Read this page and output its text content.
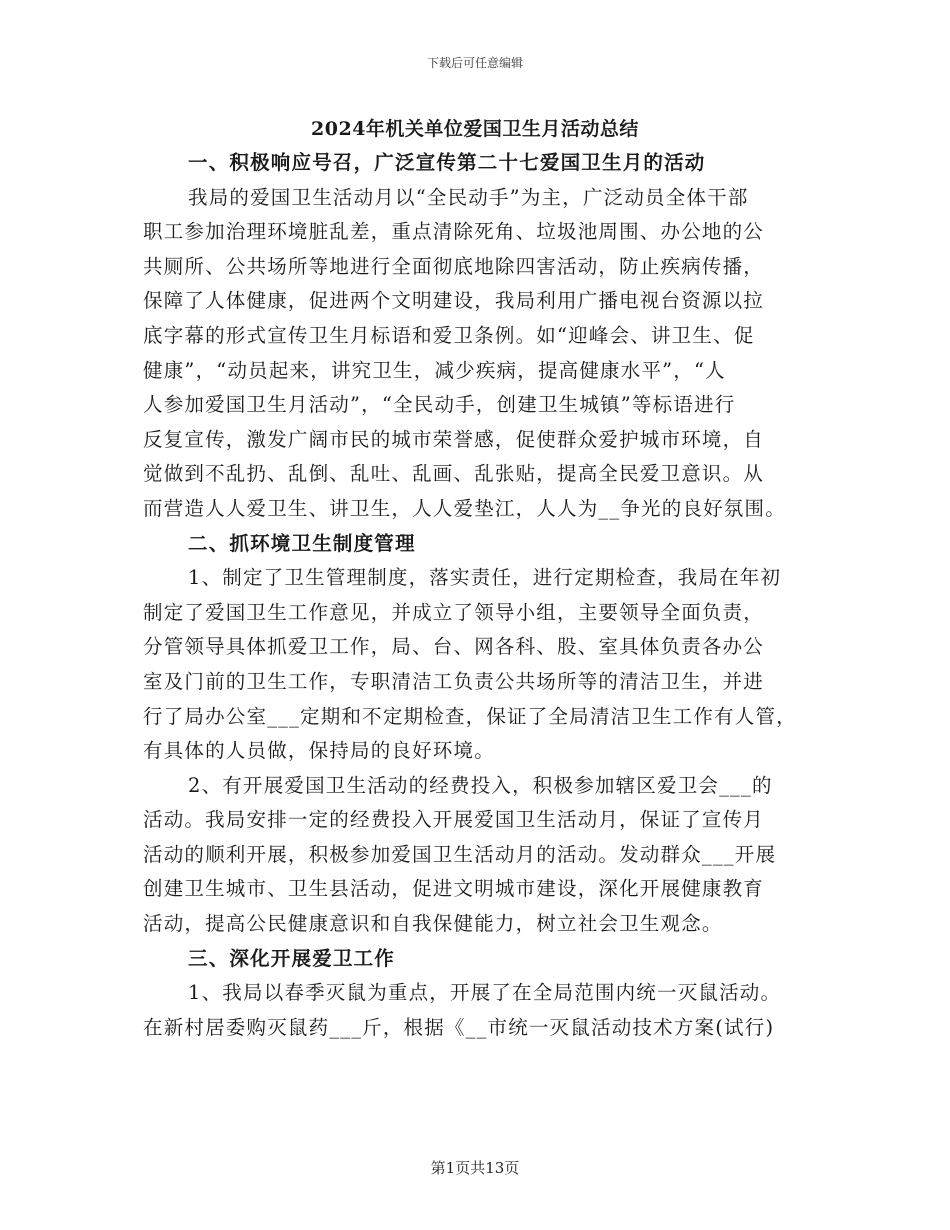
下载后可任意编辑
2024年机关单位爱国卫生月活动总结
一、积极响应号召，广泛宣传第二十七爱国卫生月的活动
我局的爱国卫生活动月以“全民动手”为主，广泛动员全体干部
职工参加治理环境脏乱差，重点清除死角、垃圾池周围、办公地的公
共厕所、公共场所等地进行全面彻底地除四害活动，防止疾病传播，
保障了人体健康，促进两个文明建设，我局利用广播电视台资源以拉
底字幕的形式宣传卫生月标语和爱卫条例。如“迎峰会、讲卫生、促
健康”，“动员起来，讲究卫生，减少疾病，提高健康水平”，“人
人参加爱国卫生月活动”，“全民动手，创建卫生城镇”等标语进行
反复宣传，激发广阔市民的城市荣誉感，促使群众爱护城市环境，自
觉做到不乱扔、乱倒、乱吐、乱画、乱张贴，提高全民爱卫意识。从
而营造人人爱卫生、讲卫生，人人爱垫江，人人为__争光的良好氛围。
二、抓环境卫生制度管理
1、制定了卫生管理制度，落实责任，进行定期检查，我局在年初
制定了爱国卫生工作意见，并成立了领导小组，主要领导全面负责，
分管领导具体抓爱卫工作，局、台、网各科、股、室具体负责各办公
室及门前的卫生工作，专职清洁工负责公共场所等的清洁卫生，并进
行了局办公室___定期和不定期检查，保证了全局清洁卫生工作有人管，
有具体的人员做，保持局的良好环境。
2、有开展爱国卫生活动的经费投入，积极参加辖区爱卫会___的
活动。我局安排一定的经费投入开展爱国卫生活动月，保证了宣传月
活动的顺利开展，积极参加爱国卫生活动月的活动。发动群众___开展
创建卫生城市、卫生县活动，促进文明城市建设，深化开展健康教育
活动，提高公民健康意识和自我保健能力，树立社会卫生观念。
三、深化开展爱卫工作
1、我局以春季灭鼠为重点，开展了在全局范围内统一灭鼠活动。
在新村居委购灭鼠药___斤，根据《__市统一灭鼠活动技术方案(试行)
第1页共13页
